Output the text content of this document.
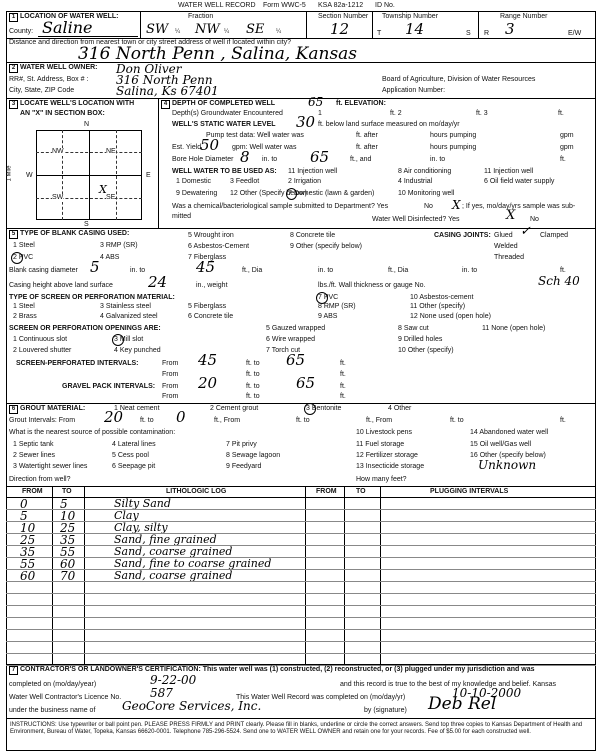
WATER WELL RECORD Form WWC-5 KSA 82a-1212 ID No.
1 LOCATION OF WATER WELL:
County: Saline
Fraction
SW ¼ NW ¼ SE ¼
Section Number
12
Township Number
T 14	S
Range Number
R 3	E/W
Distance and direction from nearest town or city street address of well if located within city?
316 North Penn , Salina, Kansas
2 WATER WELL OWNER: Don Oliver
RR#, St. Address, Box # : 316 North Penn
City, State, ZIP Code	Salina, Ks 67401
Board of Agriculture, Division of Water Resources
Application Number:
3 LOCATE WELL'S LOCATION WITH
AN "X" IN SECTION BOX:
N
S
W	E
1 Mile
NW	NE
SW	SE
X
4 DEPTH OF COMPLETED WELL	65 ft. ELEVATION:
Depth(s) Groundwater Encountered	1	ft. 2	ft. 3	ft.
WELL'S STATIC WATER LEVEL 30 ft. below land surface measured on mo/day/yr
Pump test data: Well water was	ft. after	hours pumping	gpm
Est. Yield
50 gpm: Well water was	ft. after	hours pumping	gpm
Bore Hole Diameter 8 in. to 65	ft., and	in. to	ft.
WELL WATER TO BE USED AS: 11 Injection well	8 Air conditioning	11 Injection well
1 Domestic	3 Feedlot	2 Irrigation	4 Industrial	6 Oil field water supply
9 Dewatering 12 Other (Specify below)
7 Domestic (lawn & garden)	10 Monitoring well
Was a chemical/bacteriological sample submitted to Department? Yes	No X ; If yes, mo/day/yrs sample was sub-
mitted	Water Well Disinfected? Yes	X No
5 TYPE OF BLANK CASING USED:
1 Steel	3 RMP (SR)
5 Wrought iron	8 Concrete tile
2 PVC	4 ABS
6 Asbestos-Cement	9 Other (specify below)
7 Fiberglass
CASING JOINTS: Glued ✓ Clamped
Welded
Threaded
Blank casing diameter 5	in. to	45	ft., Dia	in. to	ft., Dia	in. to	ft.
Casing height above land surface 24	in., weight	lbs./ft. Wall thickness or gauge No.	Sch 40
TYPE OF SCREEN OR PERFORATION MATERIAL:
1 Steel	3 Stainless steel	5 Fiberglass
7 PVC	10 Asbestos-cement
2 Brass	4 Galvanized steel	6 Concrete tile
8 RMP (SR)	11 Other (specify)
9 ABS	12 None used (open hole)
SCREEN OR PERFORATION OPENINGS ARE:
1 Continuous slot	3 Mill slot
5 Gauzed wrapped	8 Saw cut	11 None (open hole)
2 Louvered shutter	4 Key punched
6 Wire wrapped	9 Drilled holes
7 Torch cut	10 Other (specify)
SCREEN-PERFORATED INTERVALS:	From 45	ft. to 65	ft.
From	ft. to	ft.
GRAVEL PACK INTERVALS: From 20	ft. to 65	ft.
From	ft. to	ft.
6 GROUT MATERIAL:	1 Neat cement	2 Cement grout	3 Bentonite	4 Other
Grout Intervals: From 20 ft. to 0	ft., From	ft. to	ft., From	ft. to	ft.
What is the nearest source of possible contamination:
1 Septic tank	4 Lateral lines	7 Pit privy
10 Livestock pens	14 Abandoned water well
2 Sewer lines	5 Cess pool	8 Sewage lagoon
11 Fuel storage	15 Oil well/Gas well
3 Watertight sewer lines	6 Seepage pit	9 Feedyard
12 Fertilizer storage	16 Other (specify below)
13 Insecticide storage	Unknown
Direction from well?	How many feet?
FROM	TO	LITHOLOGIC LOG	FROM	TO	PLUGGING INTERVALS
0	5	Silty Sand
5	10	Clay
10 25	Clay, silty
25 35	Sand, fine grained
35 55	Sand, coarse grained
55 60	Sand, fine to coarse grained
60 70	Sand, coarse grained
7 CONTRACTOR'S OR LANDOWNER'S CERTIFICATION: This water well was (1) constructed, (2) reconstructed, or (3) plugged under my jurisdiction and was
completed on (mo/day/year)	9-22-00	and this record is true to the best of my knowledge and belief. Kansas
Water Well Contractor's Licence No. 587	This Water Well Record was completed on (mo/day/yr)	10-10-2000
under the business name of GeoCore Services, Inc.	by (signature) Deb Rel
INSTRUCTIONS: Use typewriter or ball point pen. PLEASE PRESS FIRMLY and PRINT clearly. Please fill in blanks, underline or circle the correct answers. Send top three copies to Kansas Department of Health and Environment, Bureau of Water, Topeka, Kansas 66620-0001. Telephone 785-296-5524. Send one to WATER WELL OWNER and retain one for your records. Fee of $5.00 for each constructed well.
